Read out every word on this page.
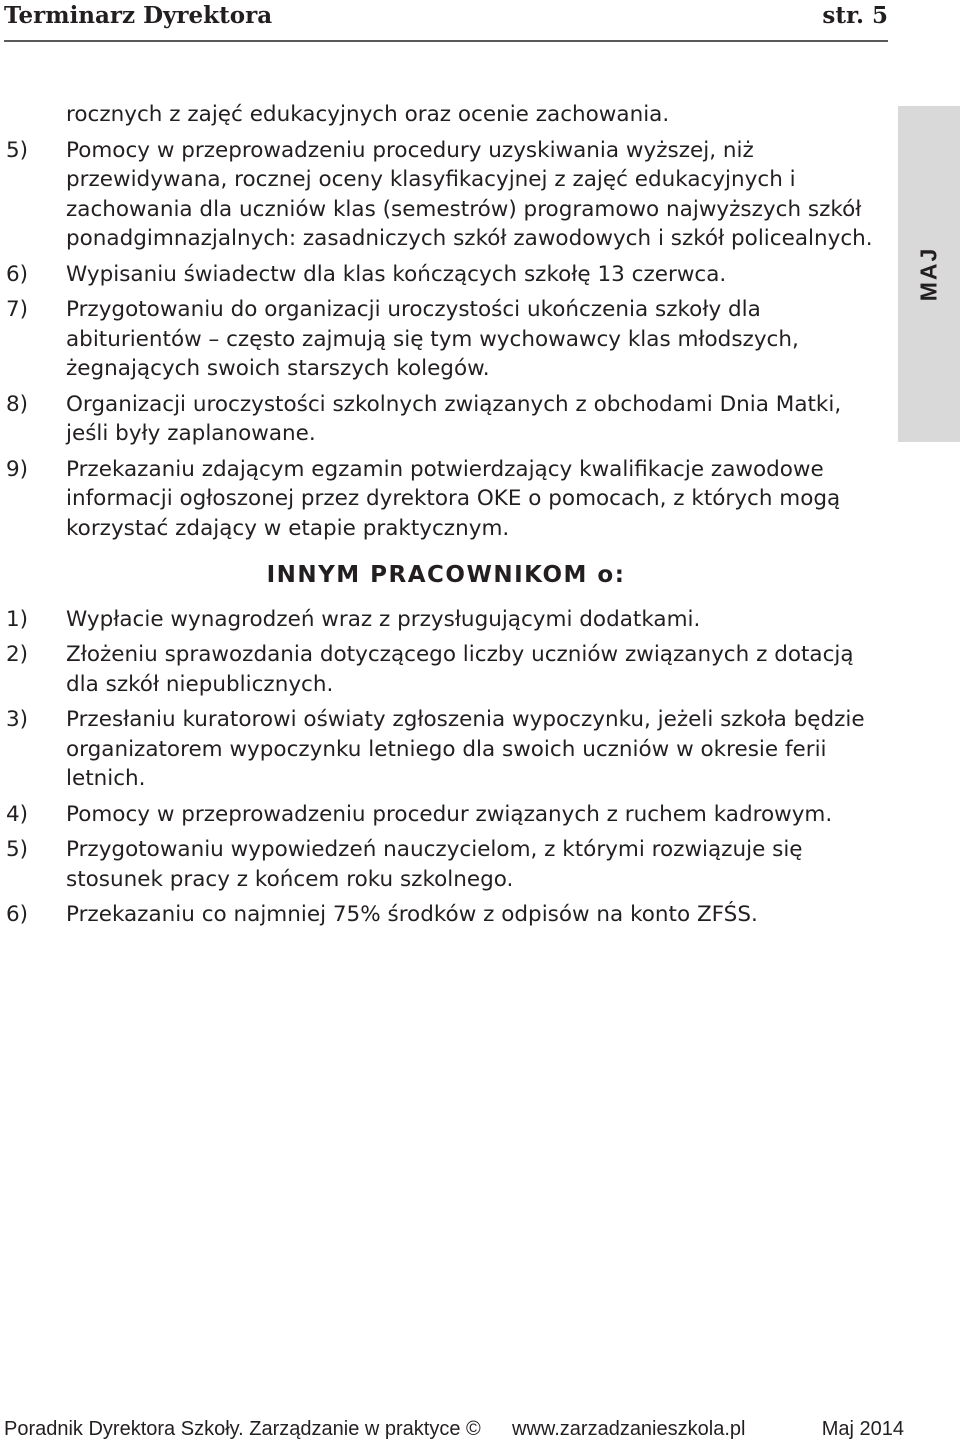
Terminarz Dyrektora	str. 5
MAJ
rocznych z zajęć edukacyjnych oraz ocenie zachowania.
5)	Pomocy w przeprowadzeniu procedury uzyskiwania wyższej, niż przewidywana, rocznej oceny klasyfikacyjnej z zajęć edukacyjnych i zachowania dla uczniów klas (semestrów) programowo najwyższych szkół ponadgimnazjalnych: zasadniczych szkół zawodowych i szkół policealnych.
6)	Wypisaniu świadectw dla klas kończących szkołę 13 czerwca.
7)	Przygotowaniu do organizacji uroczystości ukończenia szkoły dla abiturientów – często zajmują się tym wychowawcy klas młodszych, żegnających swoich starszych kolegów.
8)	Organizacji uroczystości szkolnych związanych z obchodami Dnia Matki, jeśli były zaplanowane.
9)	Przekazaniu zdającym egzamin potwierdzający kwalifikacje zawodowe informacji ogłoszonej przez dyrektora OKE o pomocach, z których mogą korzystać zdający w etapie praktycznym.
INNYM PRACOWNIKOM o:
1)	Wypłacie wynagrodzeń wraz z przysługującymi dodatkami.
2)	Złożeniu sprawozdania dotyczącego liczby uczniów związanych z dotacją dla szkół niepublicznych.
3)	Przesłaniu kuratorowi oświaty zgłoszenia wypoczynku, jeżeli szkoła będzie organizatorem wypoczynku letniego dla swoich uczniów w okresie ferii letnich.
4)	Pomocy w przeprowadzeniu procedur związanych z ruchem kadrowym.
5)	Przygotowaniu wypowiedzeń nauczycielom, z którymi rozwiązuje się stosunek pracy z końcem roku szkolnego.
6)	Przekazaniu co najmniej 75% środków z odpisów na konto ZFŚS.
Poradnik Dyrektora Szkoły. Zarządzanie w praktyce © www.zarzadzanieszkola.pl	Maj 2014
